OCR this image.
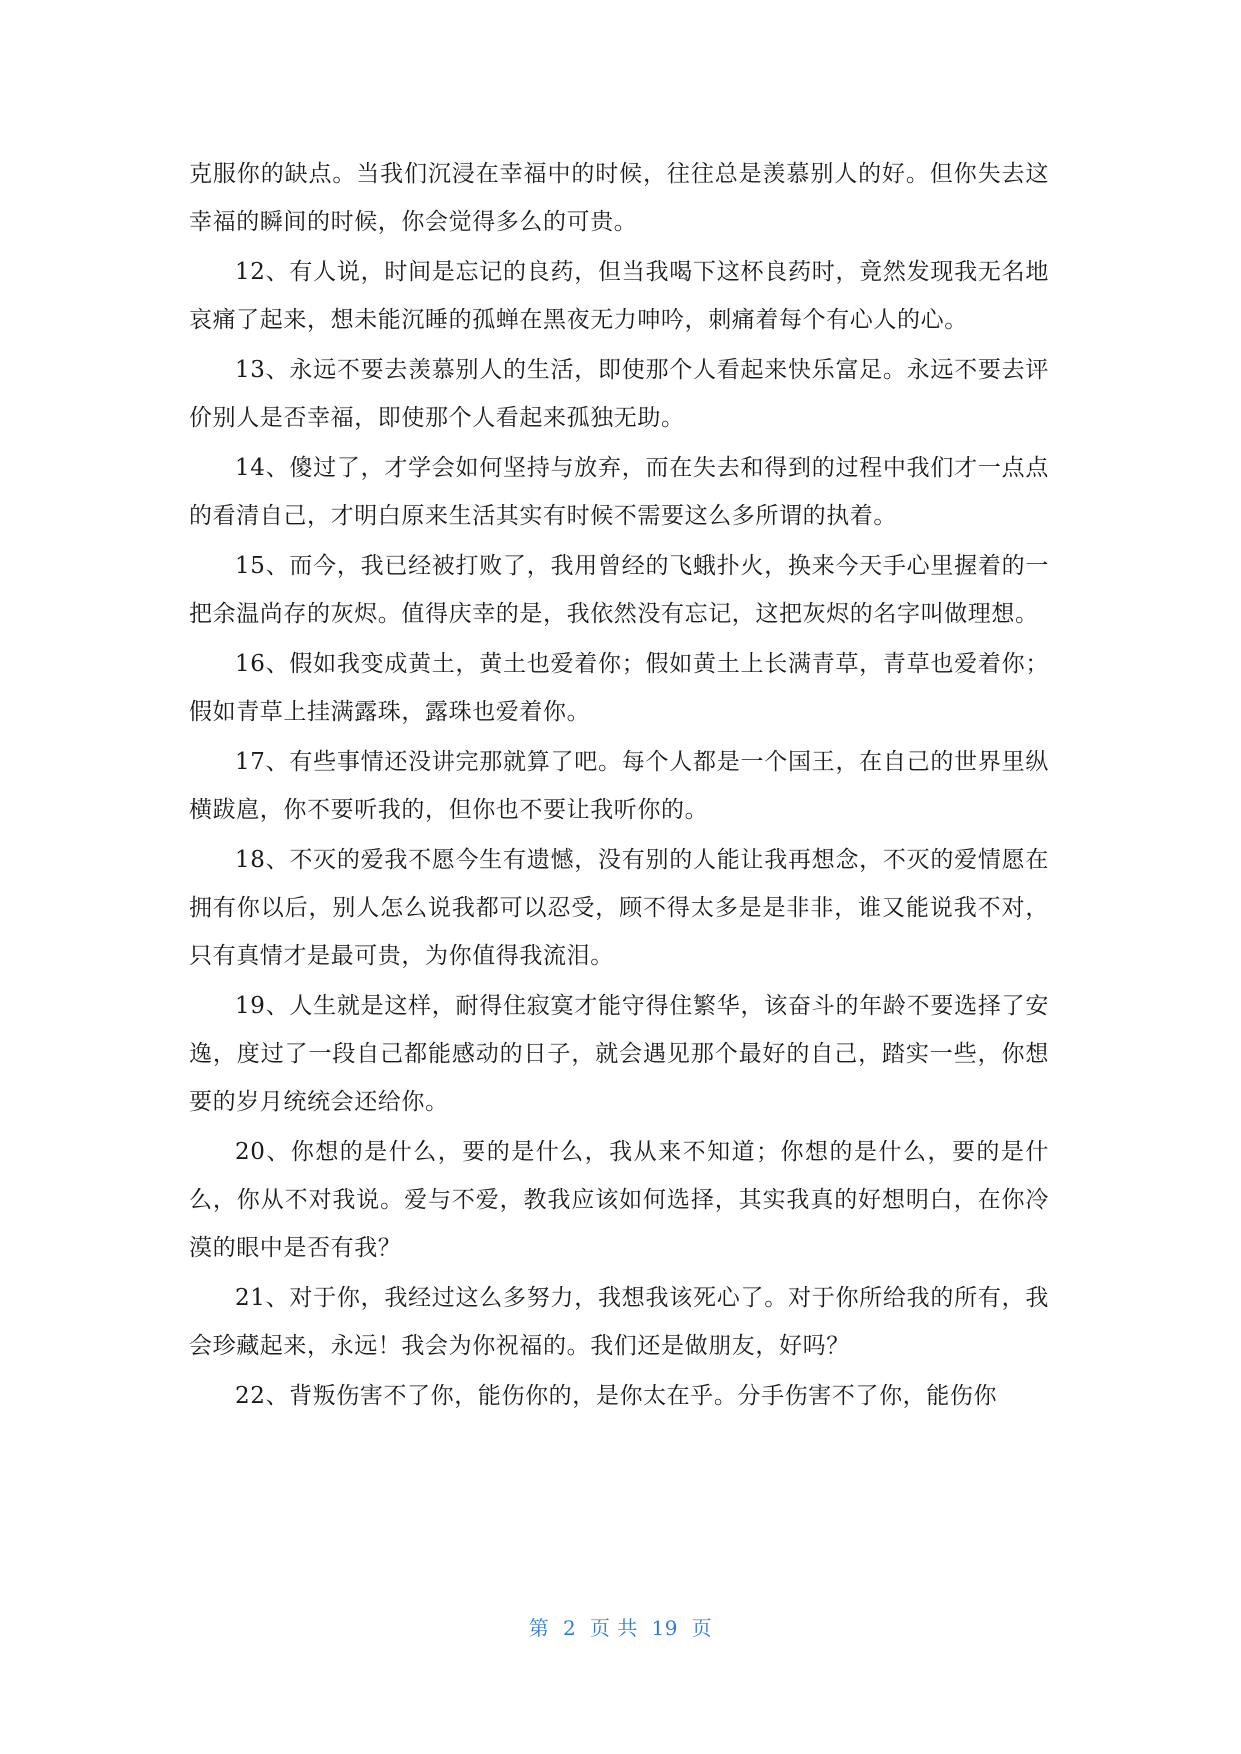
克服你的缺点。当我们沉浸在幸福中的时候，往往总是羡慕别人的好。但你失去这幸福的瞬间的时候，你会觉得多么的可贵。

12、有人说，时间是忘记的良药，但当我喝下这杯良药时，竟然发现我无名地哀痛了起来，想未能沉睡的孤蝉在黑夜无力呻吟，刺痛着每个有心人的心。

13、永远不要去羡慕别人的生活，即使那个人看起来快乐富足。永远不要去评价别人是否幸福，即使那个人看起来孤独无助。

14、傻过了，才学会如何坚持与放弃，而在失去和得到的过程中我们才一点点的看清自己，才明白原来生活其实有时候不需要这么多所谓的执着。

15、而今，我已经被打败了，我用曾经的飞蛾扑火，换来今天手心里握着的一把余温尚存的灰烬。值得庆幸的是，我依然没有忘记，这把灰烬的名字叫做理想。

16、假如我变成黄土，黄土也爱着你；假如黄土上长满青草，青草也爱着你；假如青草上挂满露珠，露珠也爱着你。

17、有些事情还没讲完那就算了吧。每个人都是一个国王，在自己的世界里纵横跋扈，你不要听我的，但你也不要让我听你的。

18、不灭的爱我不愿今生有遗憾，没有别的人能让我再想念，不灭的爱情愿在拥有你以后，别人怎么说我都可以忍受，顾不得太多是是非非，谁又能说我不对，只有真情才是最可贵，为你值得我流泪。

19、人生就是这样，耐得住寂寞才能守得住繁华，该奋斗的年龄不要选择了安逸，度过了一段自己都能感动的日子，就会遇见那个最好的自己，踏实一些，你想要的岁月统统会还给你。

20、你想的是什么，要的是什么，我从来不知道；你想的是什么，要的是什么，你从不对我说。爱与不爱，教我应该如何选择，其实我真的好想明白，在你冷漠的眼中是否有我？

21、对于你，我经过这么多努力，我想我该死心了。对于你所给我的所有，我会珍藏起来，永远！我会为你祝福的。我们还是做朋友，好吗？

22、背叛伤害不了你，能伤你的，是你太在乎。分手伤害不了你，能伤你

第  2  页 共  19  页
